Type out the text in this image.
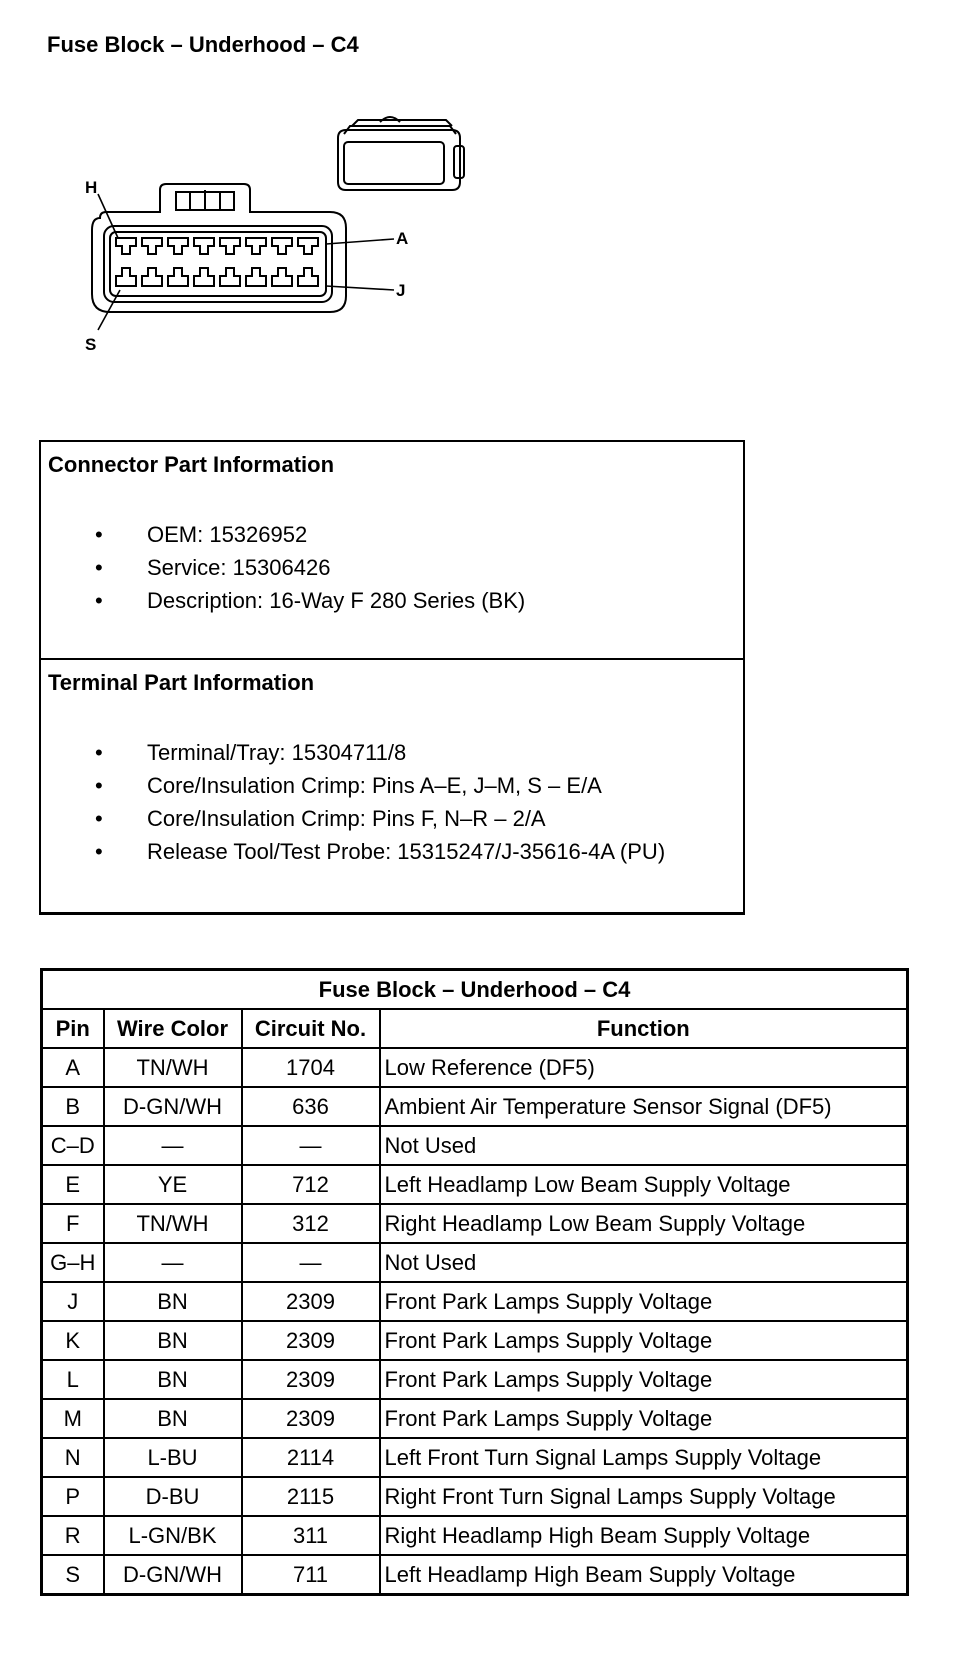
Fuse Block – Underhood – C4
H
A
J
S
Connector Part Information
• OEM: 15326952
• Service: 15306426
• Description: 16-Way F 280 Series (BK)
Terminal Part Information
• Terminal/Tray: 15304711/8
• Core/Insulation Crimp: Pins A–E, J–M, S – E/A
• Core/Insulation Crimp: Pins F, N–R – 2/A
• Release Tool/Test Probe: 15315247/J-35616-4A (PU)
Fuse Block – Underhood – C4			
Pin	Wire Color	Circuit No.	Function
A	TN/WH	1704	Low Reference (DF5)
B	D-GN/WH	636	Ambient Air Temperature Sensor Signal (DF5)
C–D	—	—	Not Used
E	YE	712	Left Headlamp Low Beam Supply Voltage
F	TN/WH	312	Right Headlamp Low Beam Supply Voltage
G–H	—	—	Not Used
J	BN	2309	Front Park Lamps Supply Voltage
K	BN	2309	Front Park Lamps Supply Voltage
L	BN	2309	Front Park Lamps Supply Voltage
M	BN	2309	Front Park Lamps Supply Voltage
N	L-BU	2114	Left Front Turn Signal Lamps Supply Voltage
P	D-BU	2115	Right Front Turn Signal Lamps Supply Voltage
R	L-GN/BK	311	Right Headlamp High Beam Supply Voltage
S	D-GN/WH	711	Left Headlamp High Beam Supply Voltage
